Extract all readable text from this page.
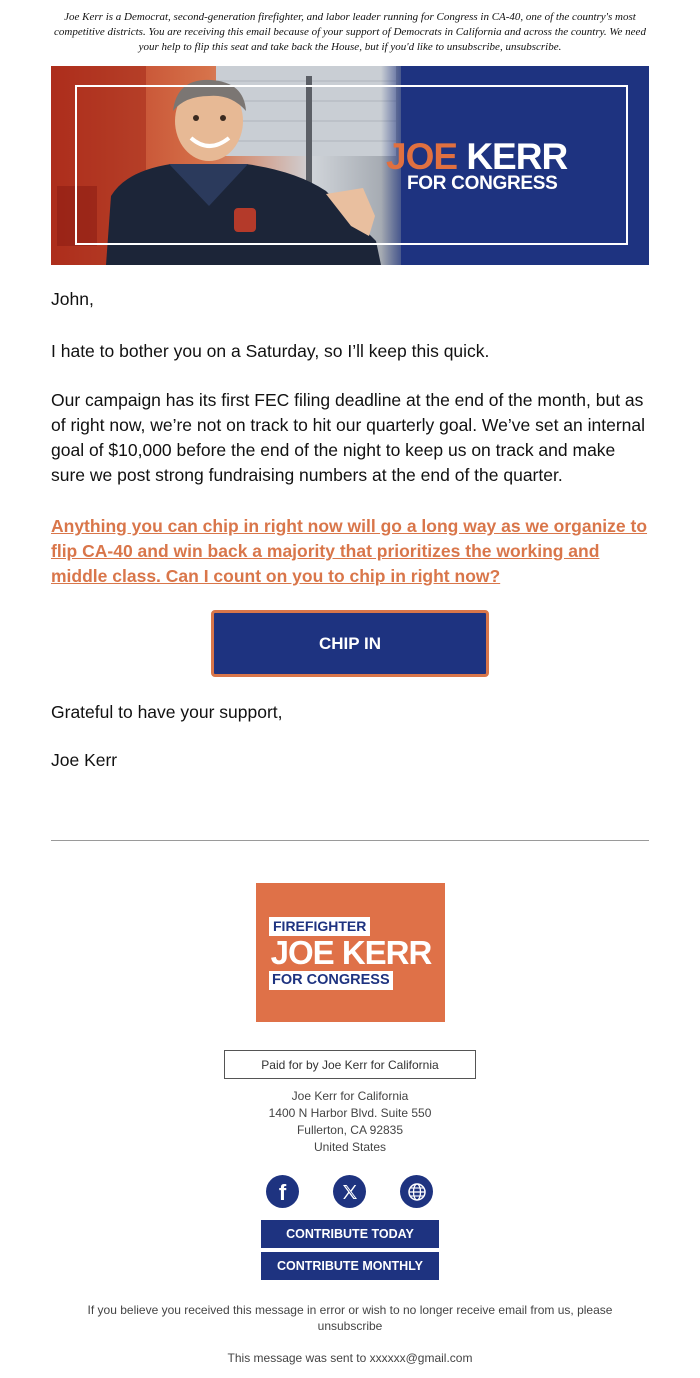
Joe Kerr is a Democrat, second-generation firefighter, and labor leader running for Congress in CA-40, one of the country's most competitive districts. You are receiving this email because of your support of Democrats in California and across the country. We need your help to flip this seat and take back the House, but if you'd like to unsubscribe, unsubscribe.
JOE KERR
FOR CONGRESS
John,
I hate to bother you on a Saturday, so I’ll keep this quick.
Our campaign has its first FEC filing deadline at the end of the month, but as of right now, we’re not on track to hit our quarterly goal. We’ve set an internal goal of $10,000 before the end of the night to keep us on track and make sure we post strong fundraising numbers at the end of the quarter.
Anything you can chip in right now will go a long way as we organize to flip CA-40 and win back a majority that prioritizes the working and middle class. Can I count on you to chip in right now?
CHIP IN
Grateful to have your support,
Joe Kerr
FIREFIGHTER
JOE KERR
FOR CONGRESS
Paid for by Joe Kerr for California
Joe Kerr for California
1400 N Harbor Blvd. Suite 550
Fullerton, CA 92835
United States
f
CONTRIBUTE TODAY
CONTRIBUTE MONTHLY
If you believe you received this message in error or wish to no longer receive email from us, please unsubscribe
This message was sent to xxxxxx@gmail.com
